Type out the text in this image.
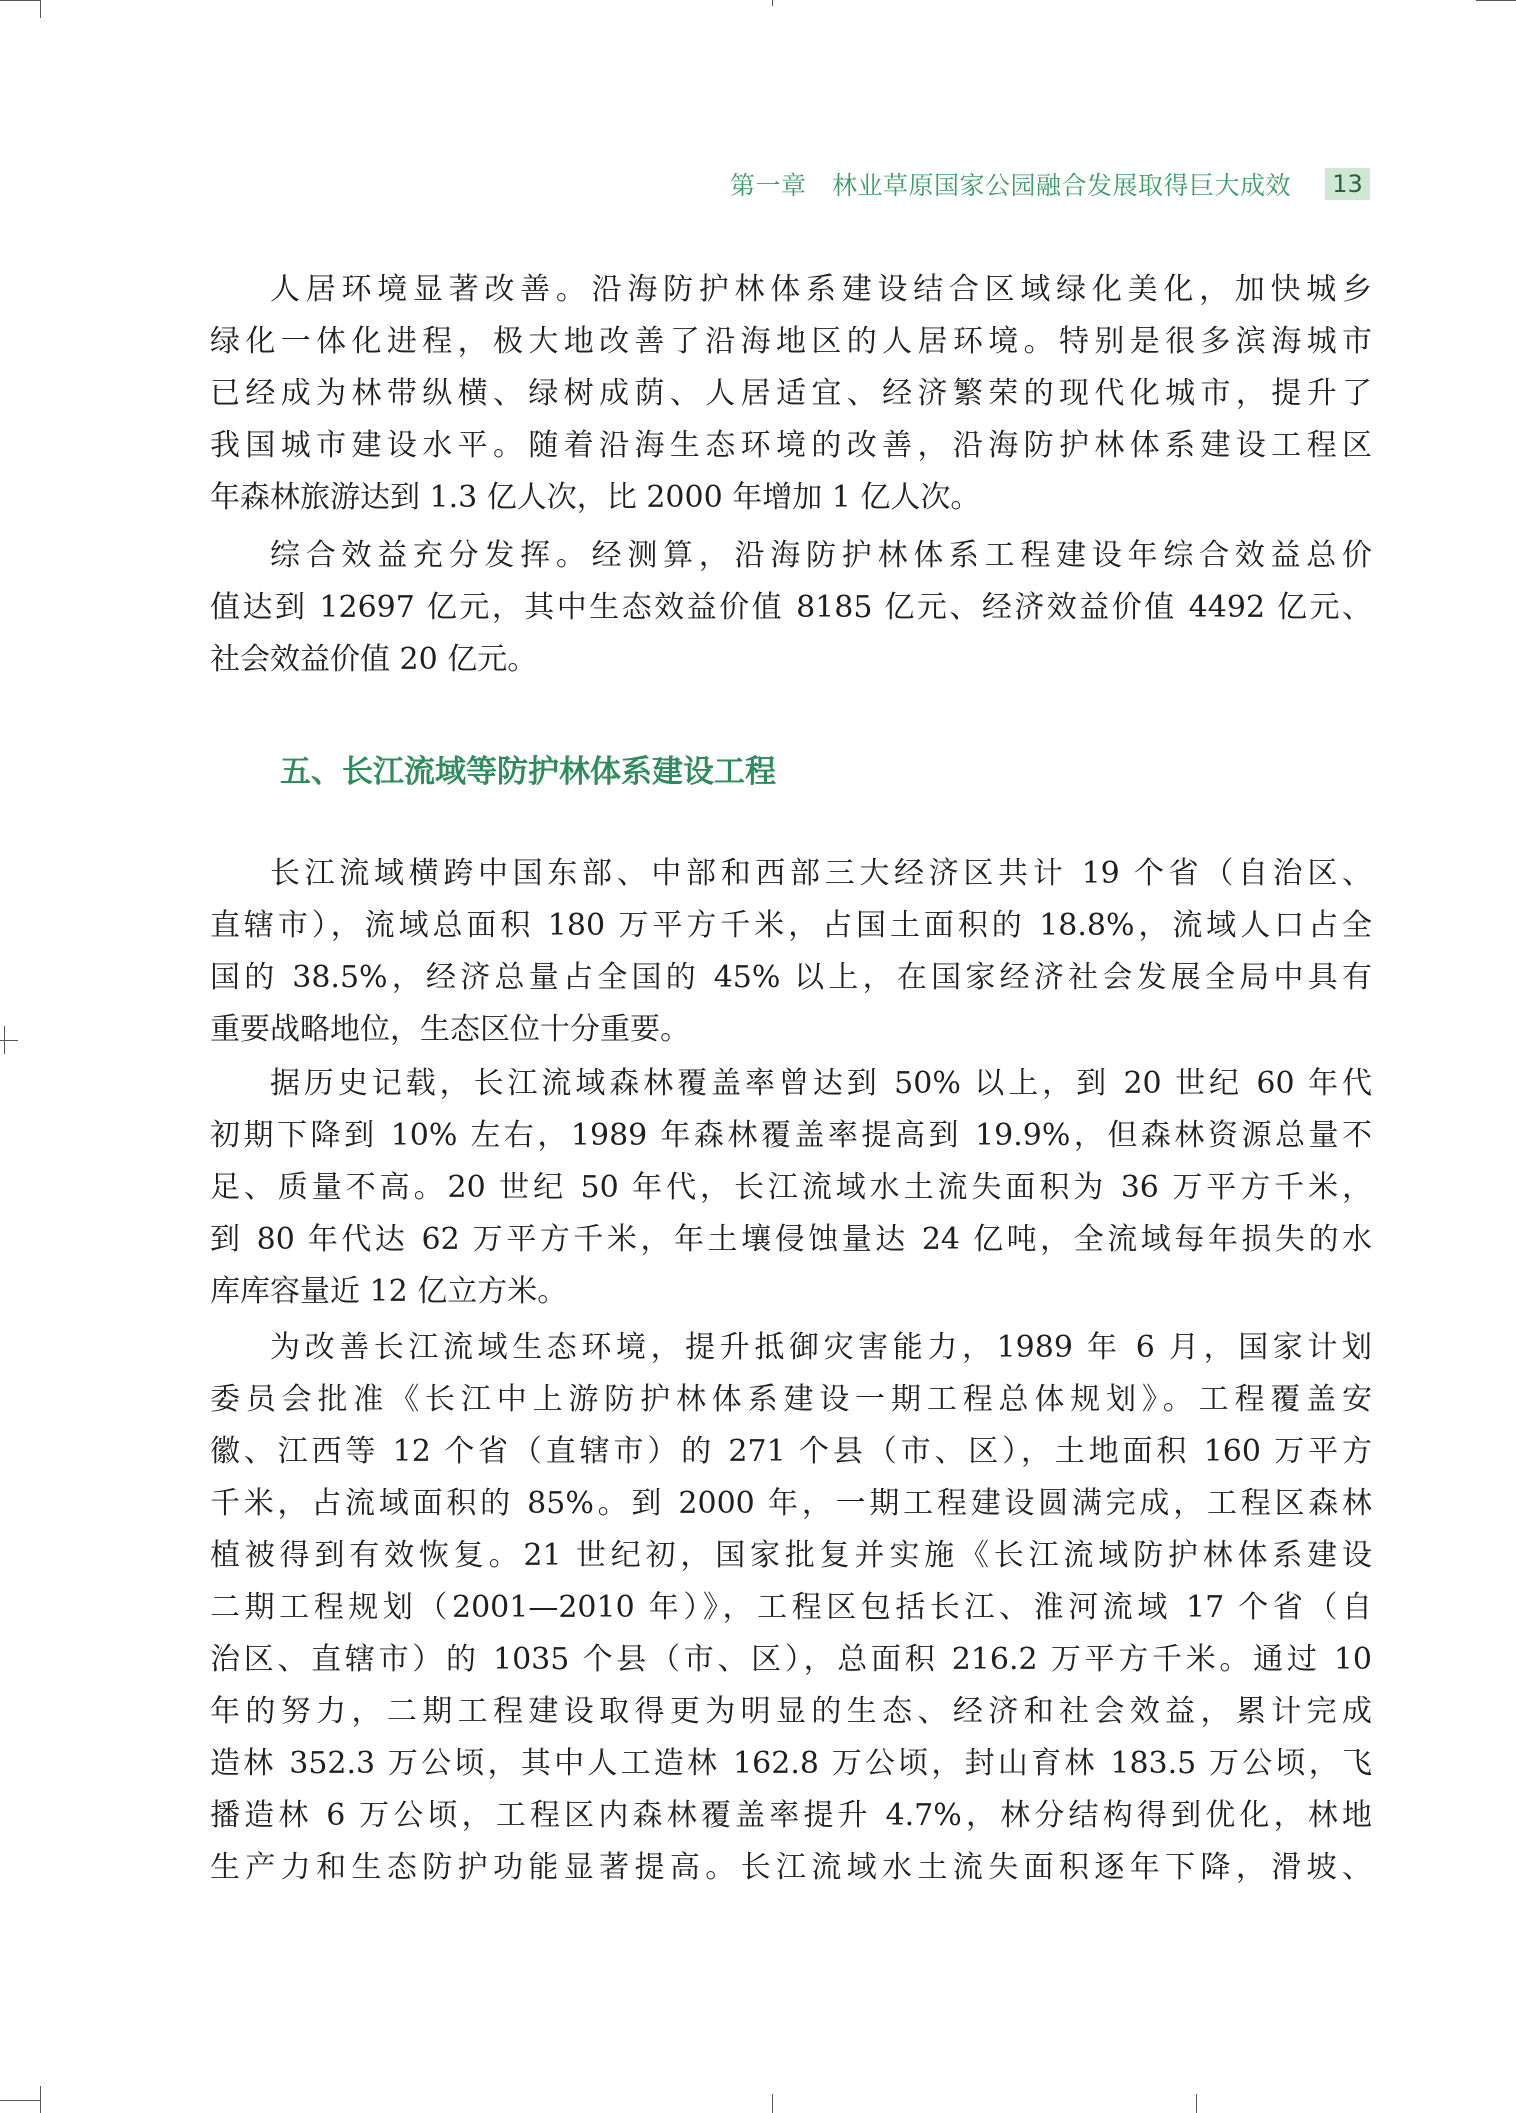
第一章　林业草原国家公园融合发展取得巨大成效	13
人居环境显著改善。沿海防护林体系建设结合区域绿化美化，加快城乡
绿化一体化进程，极大地改善了沿海地区的人居环境。特别是很多滨海城市
已经成为林带纵横、绿树成荫、人居适宜、经济繁荣的现代化城市，提升了
我国城市建设水平。随着沿海生态环境的改善，沿海防护林体系建设工程区
年森林旅游达到 1.3 亿人次，比 2000 年增加 1 亿人次。
综合效益充分发挥。经测算，沿海防护林体系工程建设年综合效益总价
值达到 12697 亿元，其中生态效益价值 8185 亿元、经济效益价值 4492 亿元、
社会效益价值 20 亿元。
五、长江流域等防护林体系建设工程
长江流域横跨中国东部、中部和西部三大经济区共计 19 个省（自治区、
直辖市），流域总面积 180 万平方千米，占国土面积的 18.8%，流域人口占全
国的 38.5%，经济总量占全国的 45% 以上，在国家经济社会发展全局中具有
重要战略地位，生态区位十分重要。
据历史记载，长江流域森林覆盖率曾达到 50% 以上，到 20 世纪 60 年代
初期下降到 10% 左右，1989 年森林覆盖率提高到 19.9%，但森林资源总量不
足、质量不高。20 世纪 50 年代，长江流域水土流失面积为 36 万平方千米，
到 80 年代达 62 万平方千米，年土壤侵蚀量达 24 亿吨，全流域每年损失的水
库库容量近 12 亿立方米。
为改善长江流域生态环境，提升抵御灾害能力，1989 年 6 月，国家计划
委员会批准《长江中上游防护林体系建设一期工程总体规划》。工程覆盖安
徽、江西等 12 个省（直辖市）的 271 个县（市、区），土地面积 160 万平方
千米，占流域面积的 85%。到 2000 年，一期工程建设圆满完成，工程区森林
植被得到有效恢复。21 世纪初，国家批复并实施《长江流域防护林体系建设
二期工程规划（2001—2010 年）》，工程区包括长江、淮河流域 17 个省（自
治区、直辖市）的 1035 个县（市、区），总面积 216.2 万平方千米。通过 10
年的努力，二期工程建设取得更为明显的生态、经济和社会效益，累计完成
造林 352.3 万公顷，其中人工造林 162.8 万公顷，封山育林 183.5 万公顷，飞
播造林 6 万公顷，工程区内森林覆盖率提升 4.7%，林分结构得到优化，林地
生产力和生态防护功能显著提高。长江流域水土流失面积逐年下降，滑坡、
